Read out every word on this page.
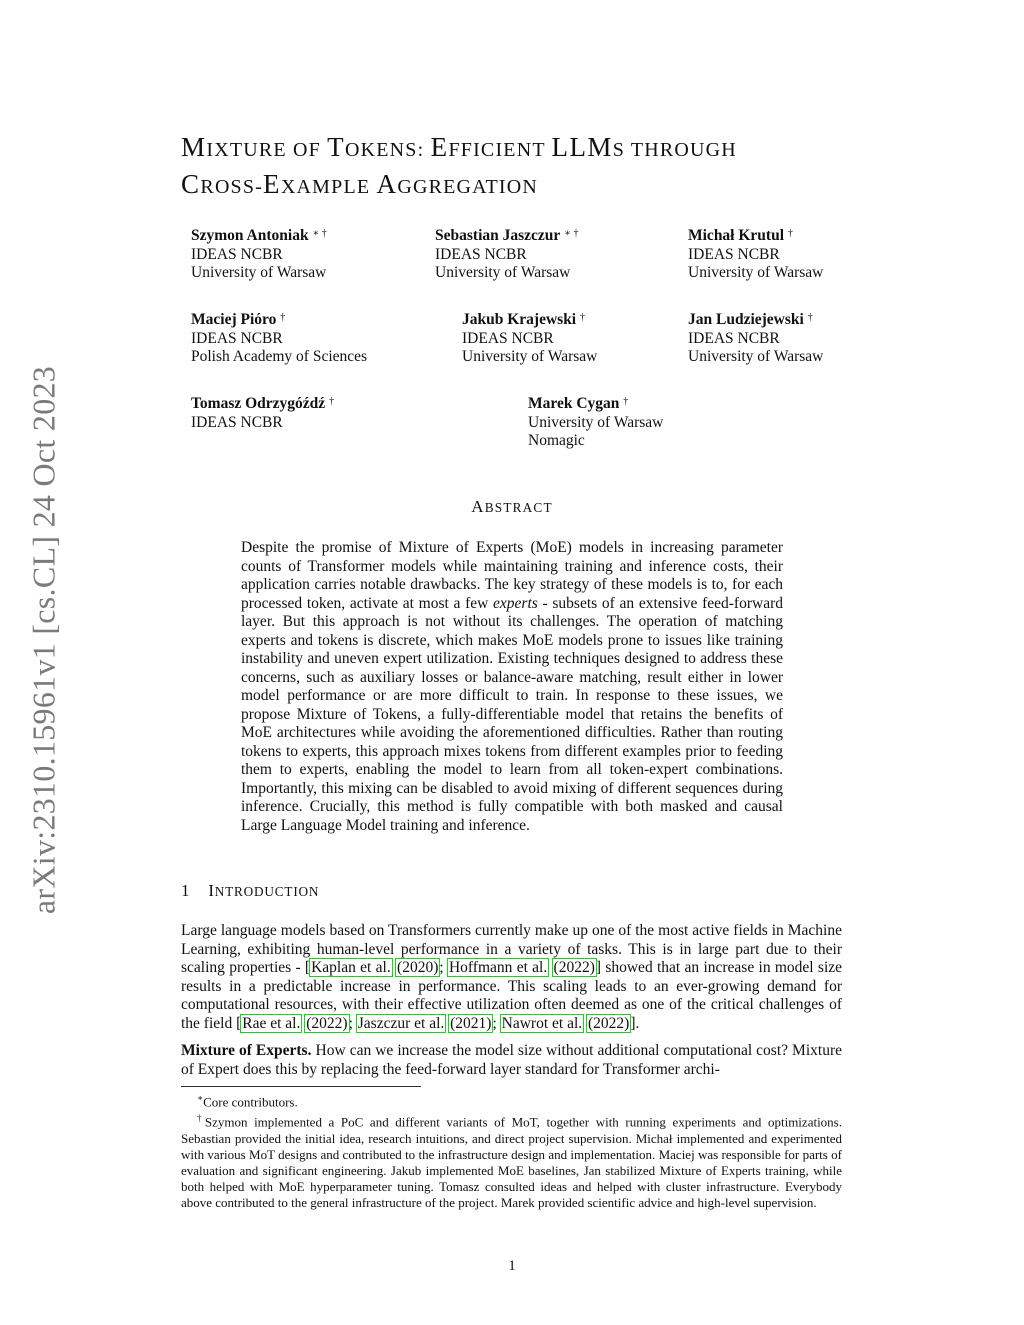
arXiv:2310.15961v1 [cs.CL] 24 Oct 2023
MIXTURE OF TOKENS: EFFICIENT LLMS THROUGH
CROSS-EXAMPLE AGGREGATION
Szymon Antoniak ∗ †
IDEAS NCBR
University of Warsaw
Sebastian Jaszczur ∗ †
IDEAS NCBR
University of Warsaw
Michał Krutul †
IDEAS NCBR
University of Warsaw
Maciej Pióro †
IDEAS NCBR
Polish Academy of Sciences
Jakub Krajewski †
IDEAS NCBR
University of Warsaw
Jan Ludziejewski †
IDEAS NCBR
University of Warsaw
Tomasz Odrzygóźdź †
IDEAS NCBR
Marek Cygan †
University of Warsaw
Nomagic
ABSTRACT
Despite the promise of Mixture of Experts (MoE) models in increasing parameter counts of Transformer models while maintaining training and inference costs, their application carries notable drawbacks. The key strategy of these models is to, for each processed token, activate at most a few experts - subsets of an extensive feed-forward layer. But this approach is not without its challenges. The operation of matching experts and tokens is discrete, which makes MoE models prone to issues like training instability and uneven expert utilization. Existing techniques designed to address these concerns, such as auxiliary losses or balance-aware matching, result either in lower model performance or are more difficult to train. In response to these issues, we propose Mixture of Tokens, a fully-differentiable model that retains the benefits of MoE architectures while avoiding the aforementioned difficulties. Rather than routing tokens to experts, this approach mixes tokens from different examples prior to feeding them to experts, enabling the model to learn from all token-expert combinations. Importantly, this mixing can be disabled to avoid mixing of different sequences during inference. Crucially, this method is fully compatible with both masked and causal Large Language Model training and inference.
1 INTRODUCTION

Large language models based on Transformers currently make up one of the most active fields in Machine Learning, exhibiting human-level performance in a variety of tasks. This is in large part due to their scaling properties - [Kaplan et al. (2020); Hoffmann et al. (2022)] showed that an increase in model size results in a predictable increase in performance. This scaling leads to an ever-growing demand for computational resources, with their effective utilization often deemed as one of the critical challenges of the field [Rae et al. (2022); Jaszczur et al. (2021); Nawrot et al. (2022)].

Mixture of Experts. How can we increase the model size without additional computational cost? Mixture of Expert does this by replacing the feed-forward layer standard for Transformer archi-

∗Core contributors.

†Szymon implemented a PoC and different variants of MoT, together with running experiments and optimizations. Sebastian provided the initial idea, research intuitions, and direct project supervision. Michał implemented and experimented with various MoT designs and contributed to the infrastructure design and implementation. Maciej was responsible for parts of evaluation and significant engineering. Jakub implemented MoE baselines, Jan stabilized Mixture of Experts training, while both helped with MoE hyperparameter tuning. Tomasz consulted ideas and helped with cluster infrastructure. Everybody above contributed to the general infrastructure of the project. Marek provided scientific advice and high-level supervision.

1
